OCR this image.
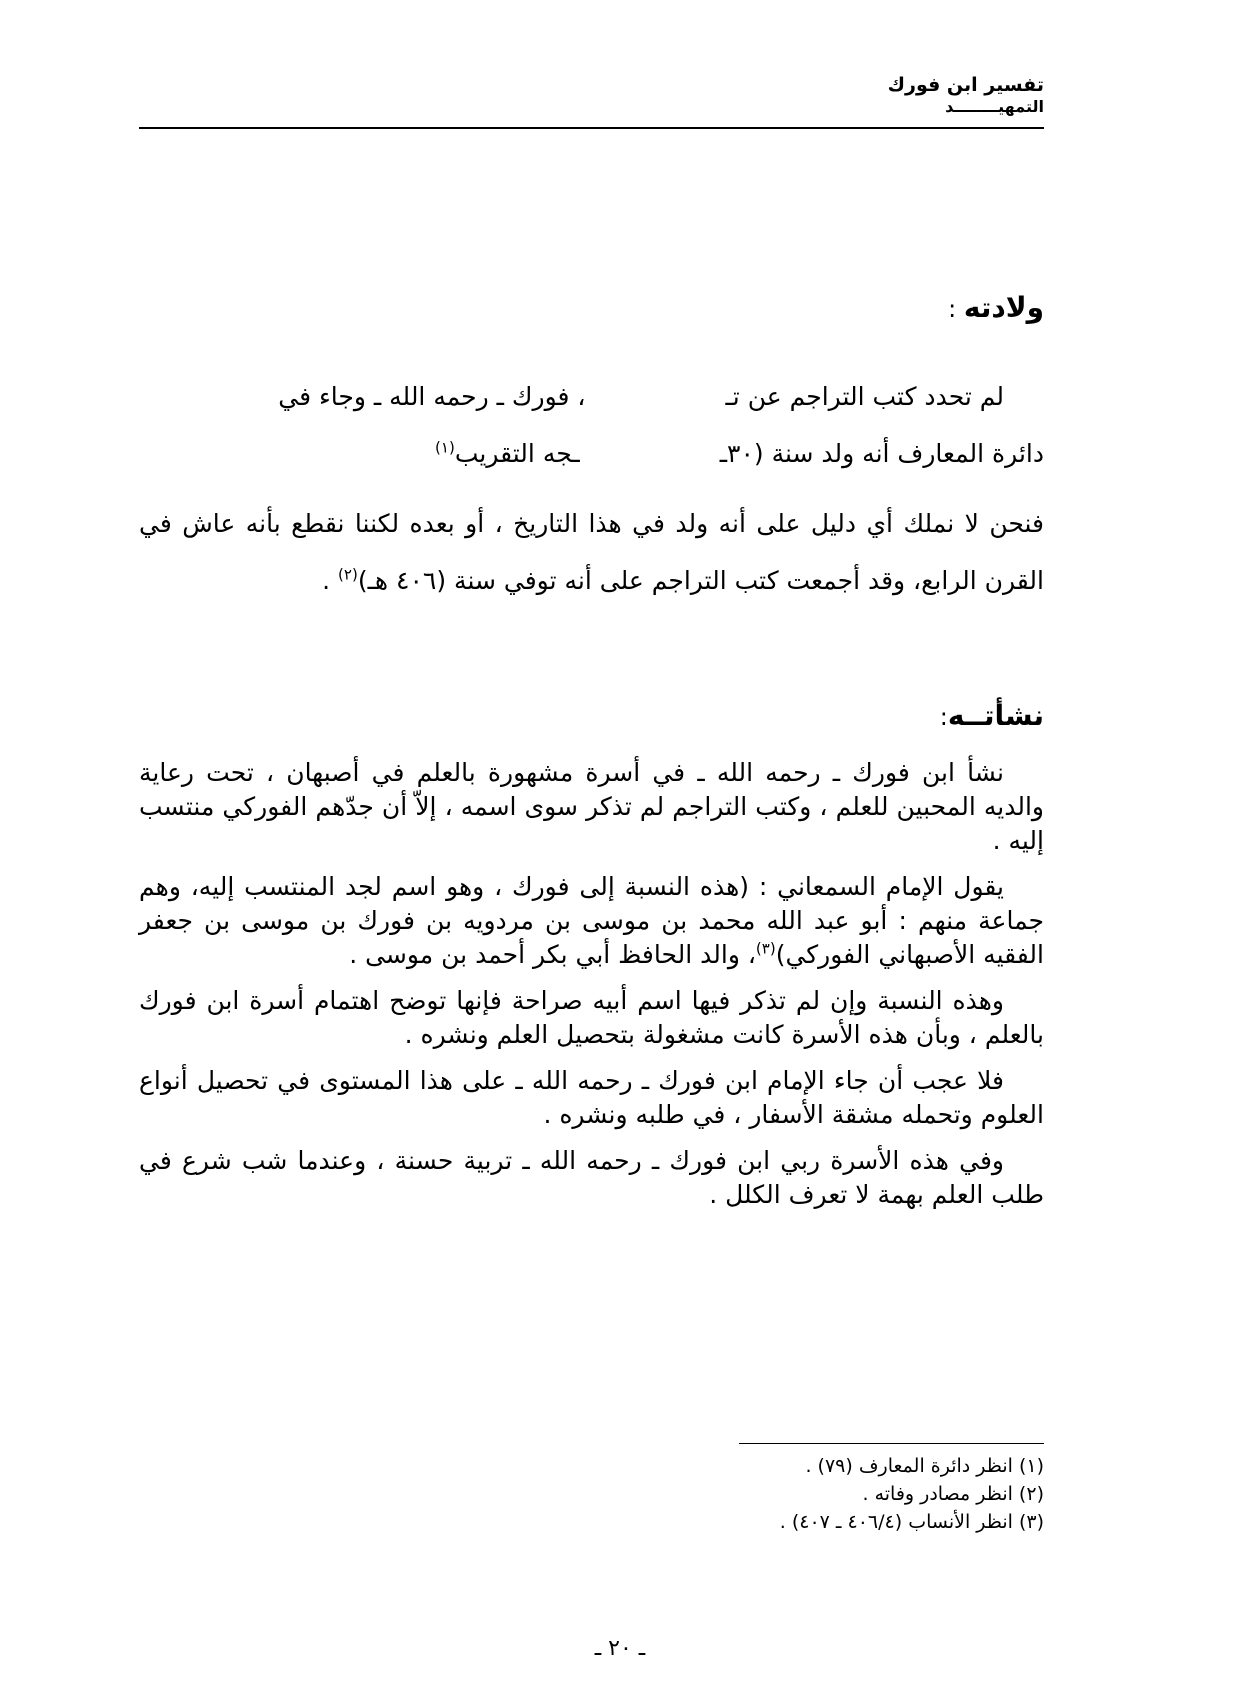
تفسير ابن فورك
التمهيــــــــد
ولادته :

لم تحدد كتب التراجم عن تـ، فورك ـ رحمه الله ـ وجاء في

دائرة المعارف أنه ولد سنة (٣٠ــجه التقريب$^{(١)}$

فنحن لا نملك أي دليل على أنه ولد في هذا التاريخ ، أو بعده لكننا نقطع بأنه عاش في القرن الرابع، وقد أجمعت كتب التراجم على أنه توفي سنة (٤٠٦ هـ)$^{(٢)}$ .

نشأتــه:

نشأ ابن فورك ـ رحمه الله ـ في أسرة مشهورة بالعلم في أصبهان ، تحت رعاية والديه المحبين للعلم ، وكتب التراجم لم تذكر سوى اسمه ، إلاّ أن جدّهم الفوركي منتسب إليه .

يقول الإمام السمعاني : (هذه النسبة إلى فورك ، وهو اسم لجد المنتسب إليه، وهم جماعة منهم : أبو عبد الله محمد بن موسى بن مردويه بن فورك بن موسى بن جعفر الفقيه الأصبهاني الفوركي)$^{(٣)}$، والد الحافظ أبي بكر أحمد بن موسى .

وهذه النسبة وإن لم تذكر فيها اسم أبيه صراحة فإنها توضح اهتمام أسرة ابن فورك بالعلم ، وبأن هذه الأسرة كانت مشغولة بتحصيل العلم ونشره .

فلا عجب أن جاء الإمام ابن فورك ـ رحمه الله ـ على هذا المستوى في تحصيل أنواع العلوم وتحمله مشقة الأسفار ، في طلبه ونشره .

وفي هذه الأسرة ربي ابن فورك ـ رحمه الله ـ تربية حسنة ، وعندما شب شرع في طلب العلم بهمة لا تعرف الكلل .

(١) انظر دائرة المعارف (٧٩) .
(٢) انظر مصادر وفاته .
(٣) انظر الأنساب (٤٠٦/٤ ـ ٤٠٧) .
ـ ٢٠ ـ
